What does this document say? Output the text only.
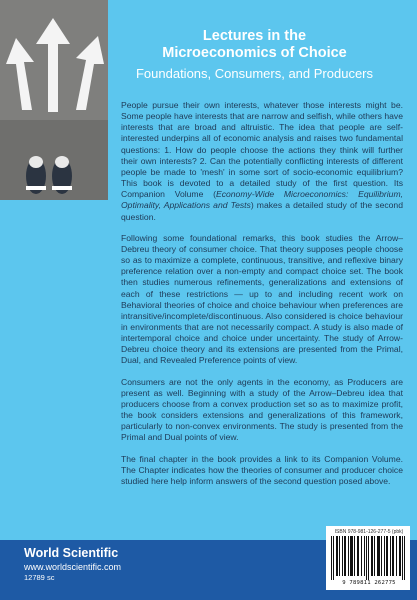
Lectures in the
Microeconomics of Choice
Foundations, Consumers, and Producers

People pursue their own interests, whatever those interests might be. Some people have interests that are narrow and selfish, while others have interests that are broad and altruistic. The idea that people are self-interested underpins all of economic analysis and raises two fundamental questions: 1. How do people choose the actions they think will further their own interests? 2. Can the potentially conflicting interests of different people be made to 'mesh' in some sort of socio-economic equilibrium? This book is devoted to a detailed study of the first question. Its Companion Volume (Economy-Wide Microeconomics: Equilibrium, Optimality, Applications and Tests) makes a detailed study of the second question.

Following some foundational remarks, this book studies the Arrow–Debreu theory of consumer choice. That theory supposes people choose so as to maximize a complete, continuous, transitive, and reflexive binary preference relation over a non-empty and compact choice set. The book then studies numerous refinements, generalizations and extensions of each of these restrictions — up to and including recent work on Behavioral theories of choice and choice behaviour when preferences are intransitive/incomplete/discontinuous. Also considered is choice behaviour in environments that are not necessarily compact. A study is also made of intertemporal choice and choice under uncertainty. The study of Arrow-Debreu choice theory and its extensions are presented from the Primal, Dual, and Revealed Preference points of view.

Consumers are not the only agents in the economy, as Producers are present as well. Beginning with a study of the Arrow–Debreu idea that producers choose from a convex production set so as to maximize profit, the book considers extensions and generalizations of this framework, particularly to non-convex environments. The study is presented from the Primal and Dual points of view.

The final chapter in the book provides a link to its Companion Volume. The Chapter indicates how the theories of consumer and producer choice studied here help inform answers of the second question posed above.

World Scientific
www.worldscientific.com
12789 sc
ISBN 978-981-126-277-5 (pbk)
9 789811 262775
